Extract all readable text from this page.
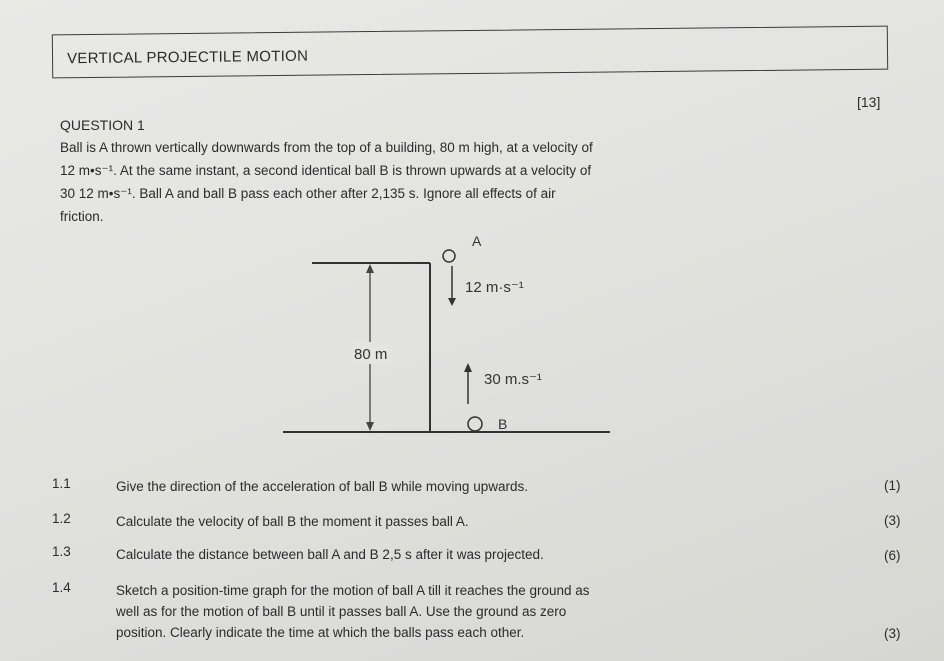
VERTICAL PROJECTILE MOTION
[13]
QUESTION 1
Ball is A thrown vertically downwards from the top of a building, 80 m high, at a velocity of
12 m•s⁻¹. At the same instant, a second identical ball B is thrown upwards at a velocity of
30 12 m•s⁻¹. Ball A and ball B pass each other after 2,135 s. Ignore all effects of air
friction.
80 m
A
12 m·s⁻¹
30 m.s⁻¹
B
1.1	Give the direction of the acceleration of ball B while moving upwards.	(1)
1.2	Calculate the velocity of ball B the moment it passes ball A.	(3)
1.3	Calculate the distance between ball A and B 2,5 s after it was projected.	(6)
1.4	Sketch a position-time graph for the motion of ball A till it reaches the ground as
well as for the motion of ball B until it passes ball A. Use the ground as zero
position. Clearly indicate the time at which the balls pass each other.	(3)
